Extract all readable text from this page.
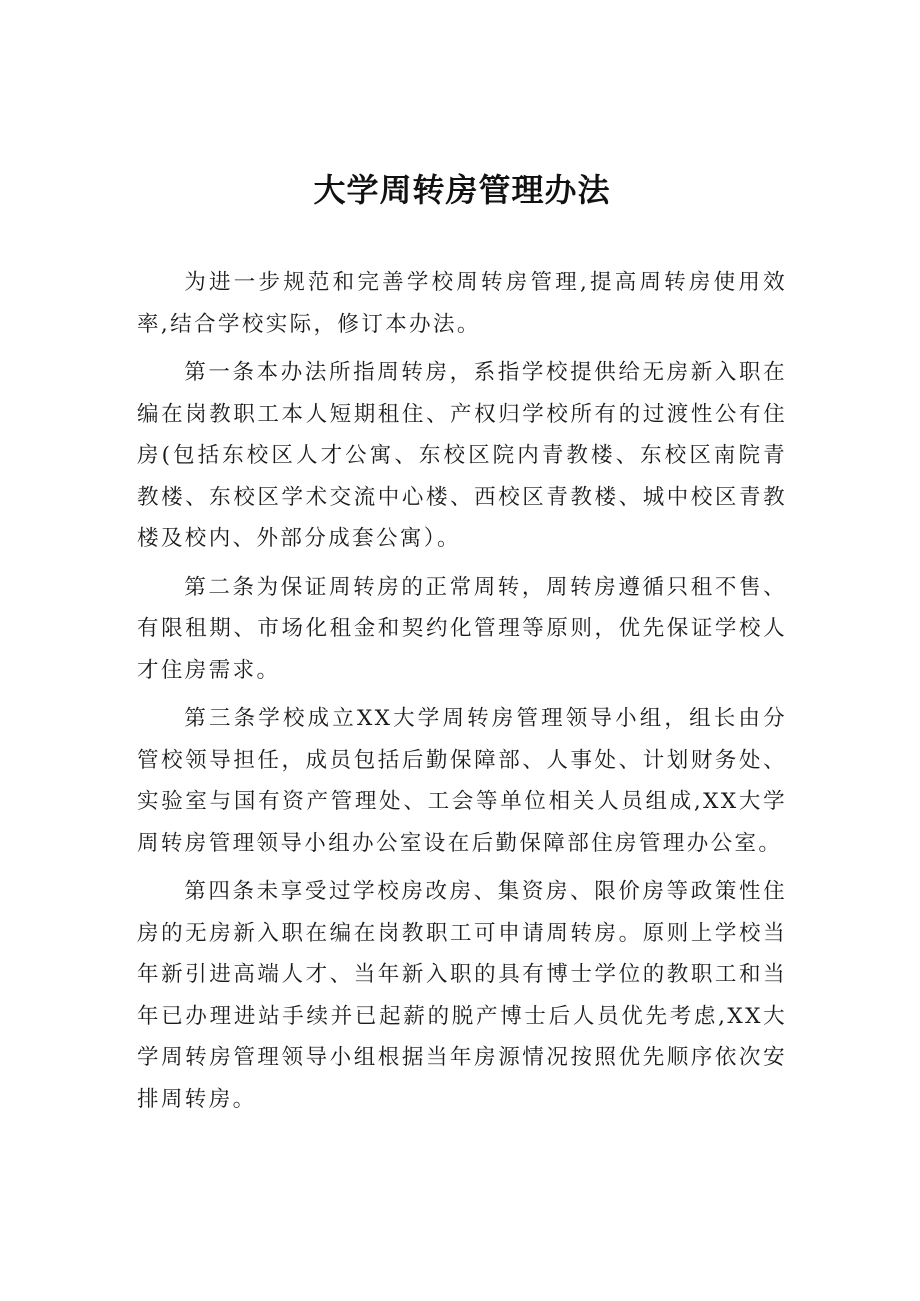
大学周转房管理办法

为进一步规范和完善学校周转房管理,提高周转房使用效率,结合学校实际，修订本办法。

第一条本办法所指周转房，系指学校提供给无房新入职在编在岗教职工本人短期租住、产权归学校所有的过渡性公有住房(包括东校区人才公寓、东校区院内青教楼、东校区南院青教楼、东校区学术交流中心楼、西校区青教楼、城中校区青教楼及校内、外部分成套公寓）。

第二条为保证周转房的正常周转，周转房遵循只租不售、有限租期、市场化租金和契约化管理等原则，优先保证学校人才住房需求。

第三条学校成立XX大学周转房管理领导小组，组长由分管校领导担任，成员包括后勤保障部、人事处、计划财务处、实验室与国有资产管理处、工会等单位相关人员组成,XX大学周转房管理领导小组办公室设在后勤保障部住房管理办公室。

第四条未享受过学校房改房、集资房、限价房等政策性住房的无房新入职在编在岗教职工可申请周转房。原则上学校当年新引进高端人才、当年新入职的具有博士学位的教职工和当年已办理进站手续并已起薪的脱产博士后人员优先考虑,XX大学周转房管理领导小组根据当年房源情况按照优先顺序依次安排周转房。
